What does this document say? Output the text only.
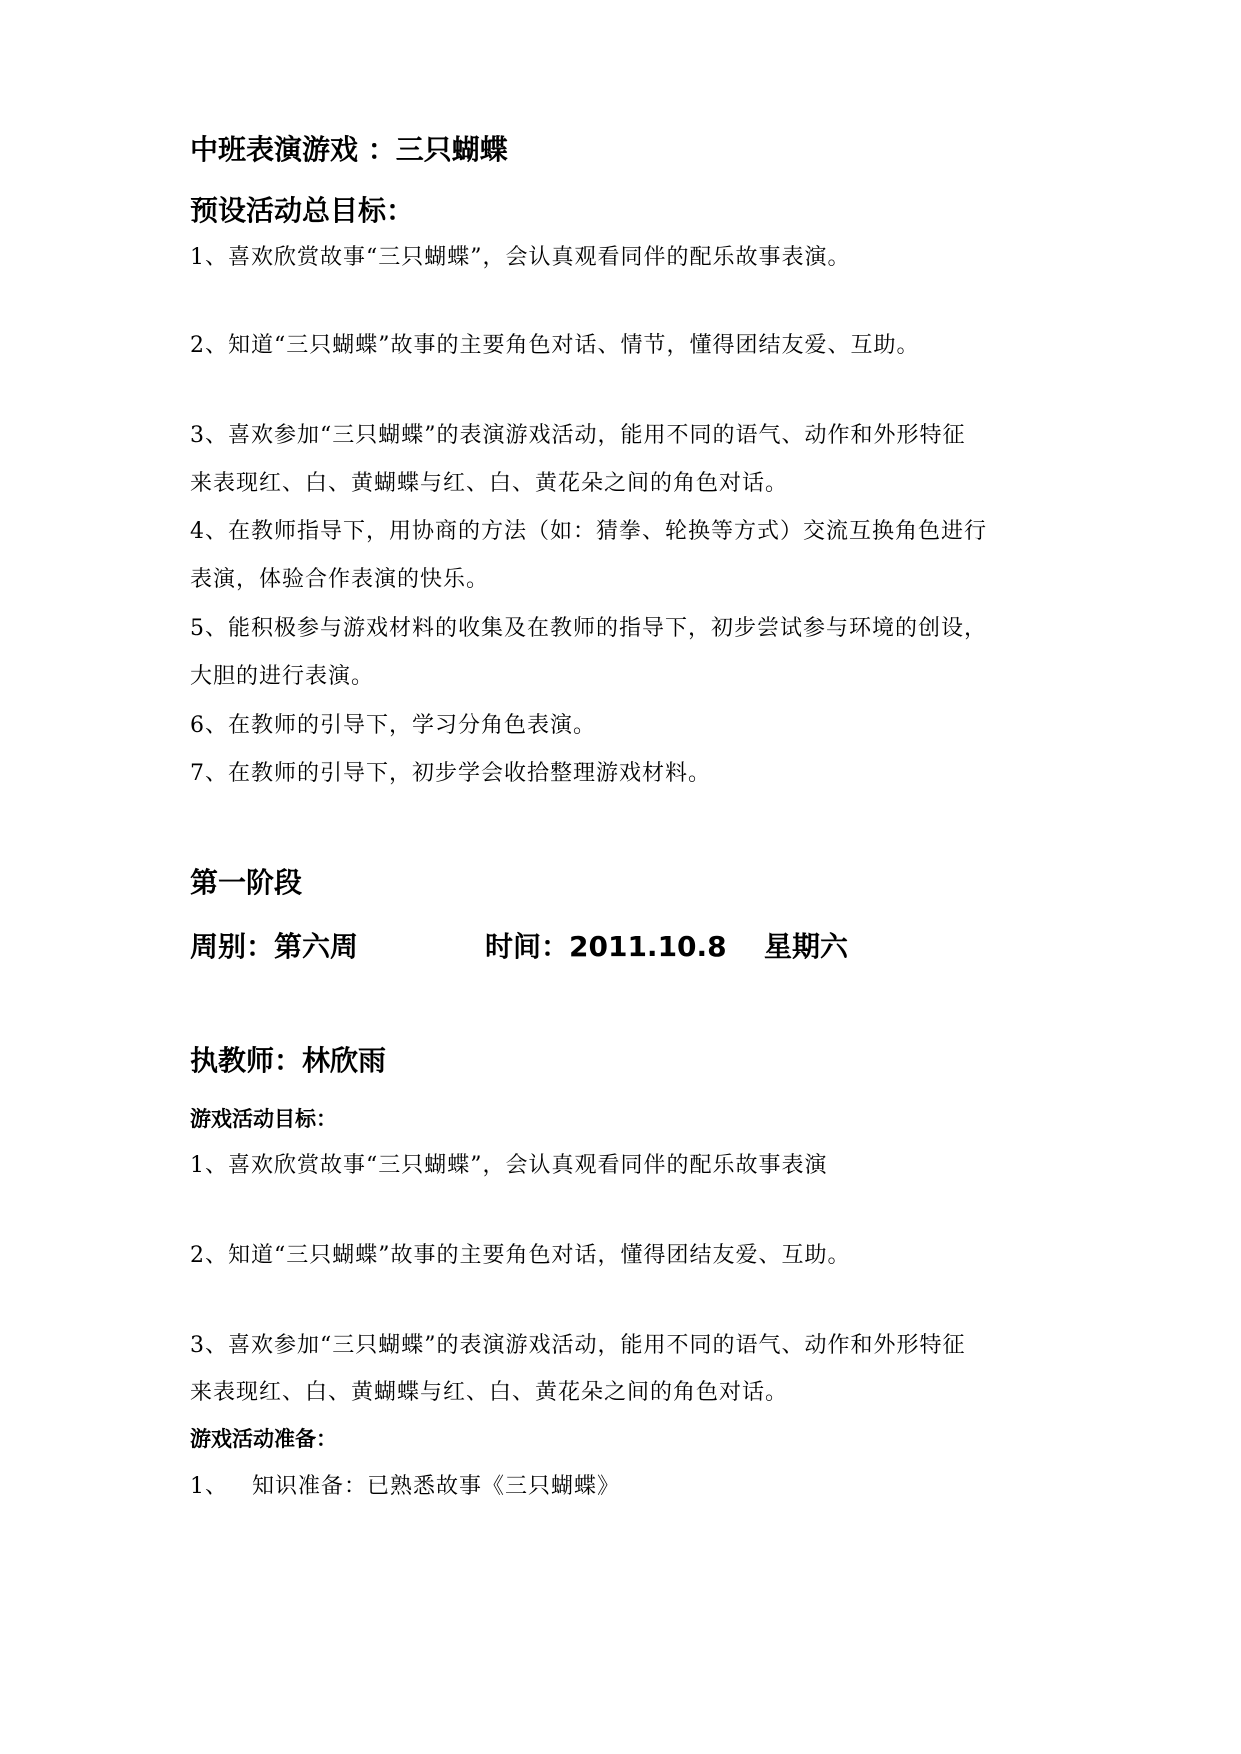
中班表演游戏 ：三只蝴蝶
预设活动总目标：
1、喜欢欣赏故事“三只蝴蝶”，会认真观看同伴的配乐故事表演。
2、知道“三只蝴蝶”故事的主要角色对话、情节，懂得团结友爱、互助。
3、喜欢参加“三只蝴蝶”的表演游戏活动，能用不同的语气、动作和外形特征
来表现红、白、黄蝴蝶与红、白、黄花朵之间的角色对话。
4、在教师指导下，用协商的方法（如：猜拳、轮换等方式）交流互换角色进行
表演，体验合作表演的快乐。
5、能积极参与游戏材料的收集及在教师的指导下，初步尝试参与环境的创设，
大胆的进行表演。
6、在教师的引导下，学习分角色表演。
7、在教师的引导下，初步学会收拾整理游戏材料。
第一阶段
周别：第六周	时间：2011.10.8 星期六
执教师：林欣雨
游戏活动目标：
1、喜欢欣赏故事“三只蝴蝶”，会认真观看同伴的配乐故事表演
2、知道“三只蝴蝶”故事的主要角色对话，懂得团结友爱、互助。
3、喜欢参加“三只蝴蝶”的表演游戏活动，能用不同的语气、动作和外形特征
来表现红、白、黄蝴蝶与红、白、黄花朵之间的角色对话。
游戏活动准备：
1、   知识准备：已熟悉故事《三只蝴蝶》
